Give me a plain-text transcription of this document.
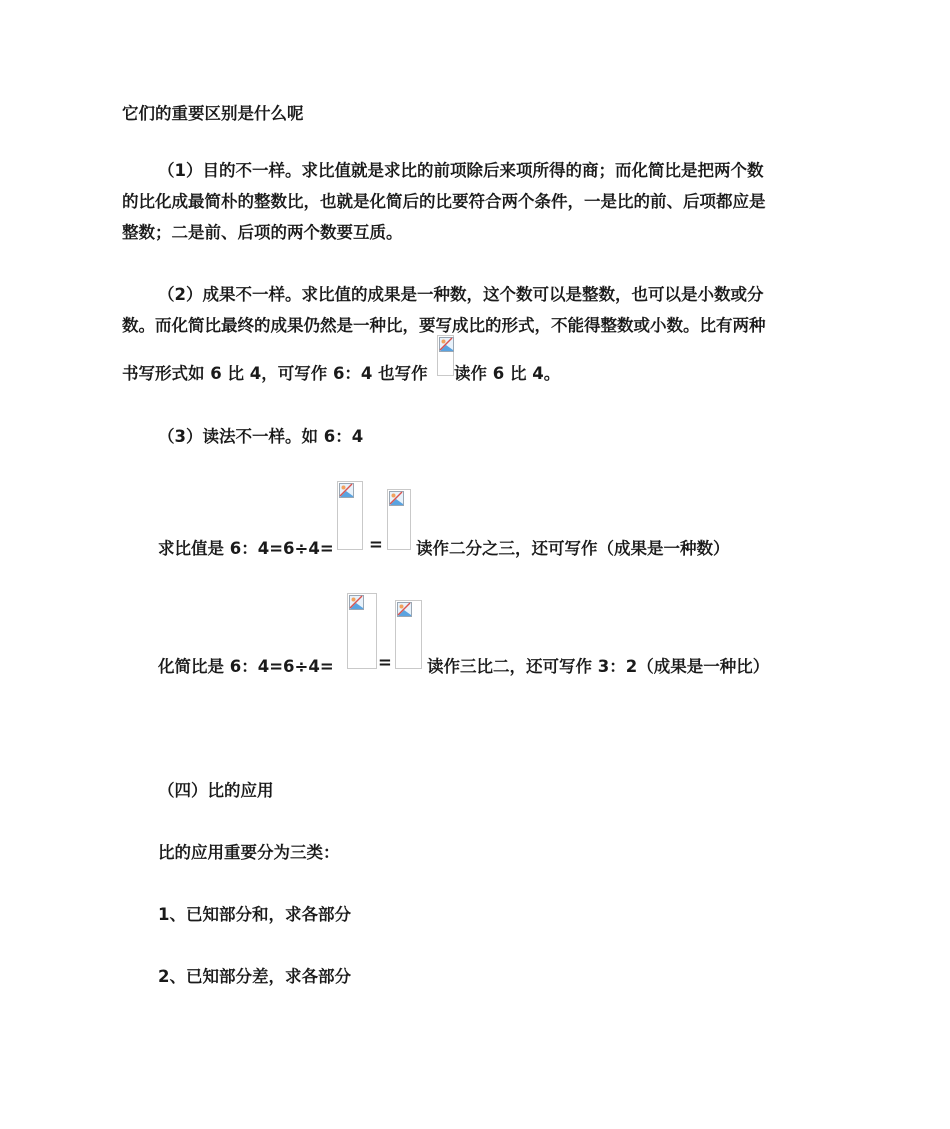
它们的重要区别是什么呢
（1）目的不一样。求比值就是求比的前项除后来项所得的商；而化简比是把两个数
的比化成最简朴的整数比，也就是化简后的比要符合两个条件，一是比的前、后项都应是
整数；二是前、后项的两个数要互质。
（2）成果不一样。求比值的成果是一种数，这个数可以是整数，也可以是小数或分
数。而化简比最终的成果仍然是一种比，要写成比的形式，不能得整数或小数。比有两种
书写形式如 6 比 4，可写作 6：4 也写作 读作 6 比 4。
（3）读法不一样。如 6：4
求比值是 6：4=6÷4= = 读作二分之三，还可写作（成果是一种数）
化简比是 6：4=6÷4=	= 读作三比二，还可写作 3：2（成果是一种比）
（四）比的应用
比的应用重要分为三类：
1、已知部分和，求各部分
2、已知部分差，求各部分
